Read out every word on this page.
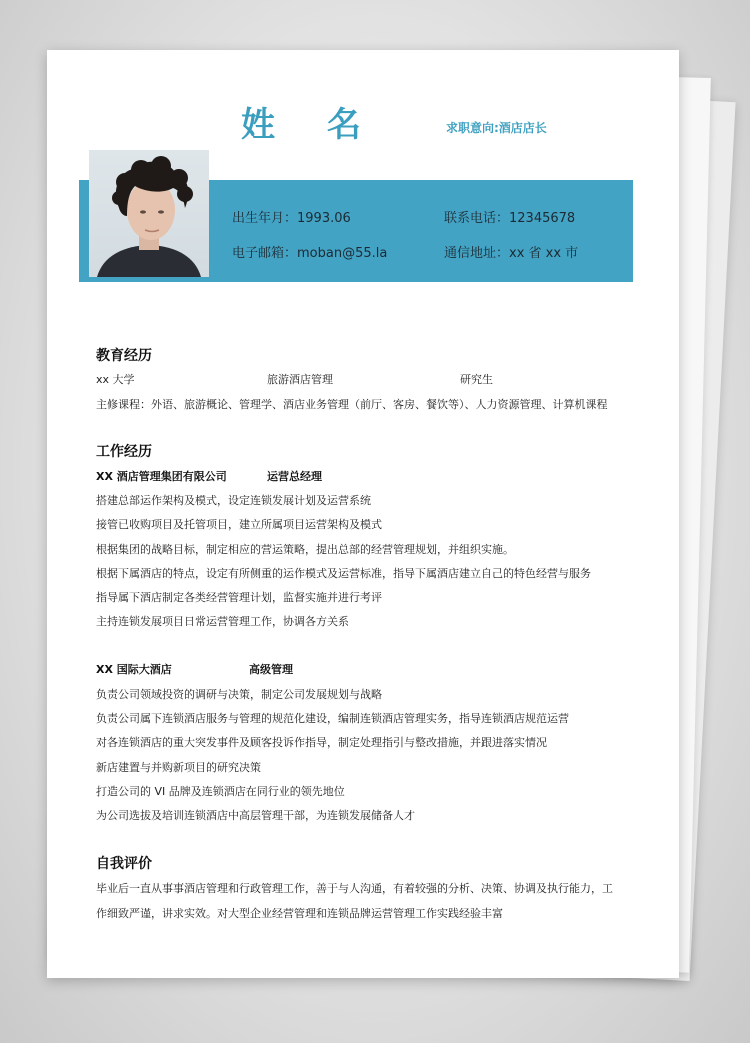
姓 名	求职意向:酒店店长
出生年月：1993.06	联系电话：12345678
电子邮箱：moban@55.la	通信地址：xx 省 xx 市
教育经历
xx 大学	旅游酒店管理	研究生
主修课程：外语、旅游概论、管理学、酒店业务管理（前厅、客房、餐饮等）、人力资源管理、计算机课程
工作经历
XX 酒店管理集团有限公司	运营总经理
搭建总部运作架构及模式，设定连锁发展计划及运营系统
接管已收购项目及托管项目，建立所属项目运营架构及模式
根据集团的战略目标，制定相应的营运策略，提出总部的经营管理规划，并组织实施。
根据下属酒店的特点，设定有所侧重的运作模式及运营标准，指导下属酒店建立自己的特色经营与服务
指导属下酒店制定各类经营管理计划，监督实施并进行考评
主持连锁发展项目日常运营管理工作，协调各方关系
XX 国际大酒店	高级管理
负责公司领域投资的调研与决策，制定公司发展规划与战略
负责公司属下连锁酒店服务与管理的规范化建设，编制连锁酒店管理实务，指导连锁酒店规范运营
对各连锁酒店的重大突发事件及顾客投诉作指导，制定处理指引与整改措施，并跟进落实情况
新店建置与并购新项目的研究决策
打造公司的 VI 品牌及连锁酒店在同行业的领先地位
为公司选拔及培训连锁酒店中高层管理干部，为连锁发展储备人才
自我评价
毕业后一直从事事酒店管理和行政管理工作，善于与人沟通，有着较强的分析、决策、协调及执行能力，工
作细致严谨，讲求实效。对大型企业经营管理和连锁品牌运营管理工作实践经验丰富
